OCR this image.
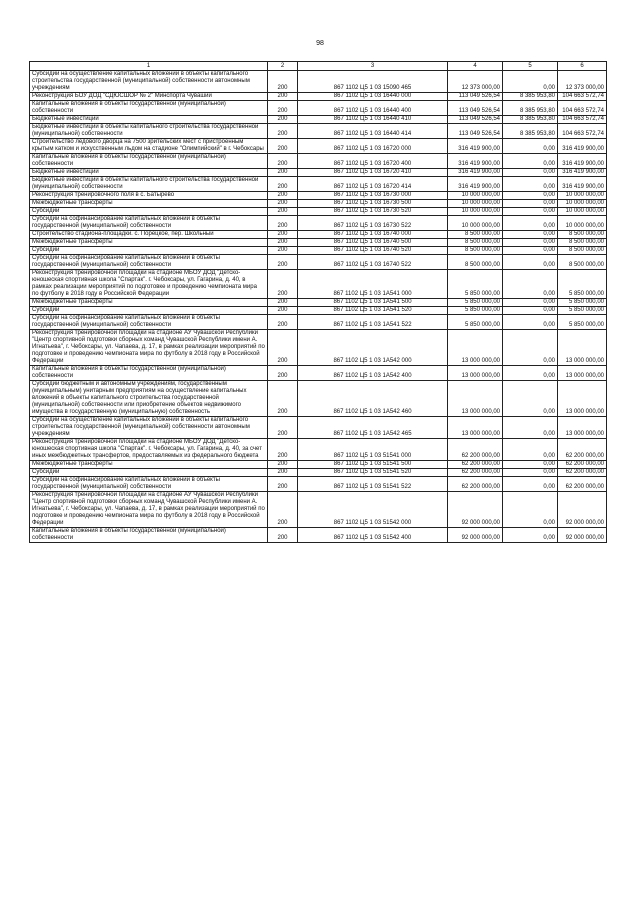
98
1	2	3	4	5	6
Субсидии на осуществление капитальных вложений в объекты капитального строительства государственной (муниципальной) собственности автономным учреждениям	200	867 1102 Ц5 1 03 15090 465	12 373 000,00	0,00	12 373 000,00
Реконструкция БОУ ДОД "СДЮСШОР № 2" Минспорта Чувашии	200	867 1102 Ц5 1 03 16440 000	113 049 526,54	8 385 953,80	104 663 572,74
Капитальные вложения в объекты государственной (муниципальной) собственности	200	867 1102 Ц5 1 03 16440 400	113 049 526,54	8 385 953,80	104 663 572,74
Бюджетные инвестиции	200	867 1102 Ц5 1 03 16440 410	113 049 526,54	8 385 953,80	104 663 572,74
Бюджетные инвестиции в объекты капитального строительства государственной (муниципальной) собственности	200	867 1102 Ц5 1 03 16440 414	113 049 526,54	8 385 953,80	104 663 572,74
Строительство ледового дворца на 7500 зрительских мест с пристроенным крытым катком и искусственным льдом на стадионе "Олимпийский" в г. Чебоксары	200	867 1102 Ц5 1 03 16720 000	316 419 900,00	0,00	316 419 900,00
Капитальные вложения в объекты государственной (муниципальной) собственности	200	867 1102 Ц5 1 03 16720 400	316 419 900,00	0,00	316 419 900,00
Бюджетные инвестиции	200	867 1102 Ц5 1 03 16720 410	316 419 900,00	0,00	316 419 900,00
Бюджетные инвестиции в объекты капитального строительства государственной (муниципальной) собственности	200	867 1102 Ц5 1 03 16720 414	316 419 900,00	0,00	316 419 900,00
Реконструкция тренировочного поля в с. Батырево	200	867 1102 Ц5 1 03 16730 000	10 000 000,00	0,00	10 000 000,00
Межбюджетные трансферты	200	867 1102 Ц5 1 03 16730 500	10 000 000,00	0,00	10 000 000,00
Субсидии	200	867 1102 Ц5 1 03 16730 520	10 000 000,00	0,00	10 000 000,00
Субсидии на софинансирование капитальных вложений в объекты государственной (муниципальной) собственности	200	867 1102 Ц5 1 03 16730 522	10 000 000,00	0,00	10 000 000,00
Строительство стадиона-площадки. с. Порецкое, пер. Школьный	200	867 1102 Ц5 1 03 16740 000	8 500 000,00	0,00	8 500 000,00
Межбюджетные трансферты	200	867 1102 Ц5 1 03 16740 500	8 500 000,00	0,00	8 500 000,00
Субсидии	200	867 1102 Ц5 1 03 16740 520	8 500 000,00	0,00	8 500 000,00
Субсидии на софинансирование капитальных вложений в объекты государственной (муниципальной) собственности	200	867 1102 Ц5 1 03 16740 522	8 500 000,00	0,00	8 500 000,00
Реконструкция тренировочной площадки на стадионе МБОУ ДОД "Детско-юношеская спортивная школа "Спартак". г. Чебоксары, ул. Гагарина, д. 40, в рамках реализации мероприятий по подготовке и проведению чемпионата мира по футболу в 2018 году в Российской Федерации	200	867 1102 Ц5 1 03 1А541 000	5 850 000,00	0,00	5 850 000,00
Межбюджетные трансферты	200	867 1102 Ц5 1 03 1А541 500	5 850 000,00	0,00	5 850 000,00
Субсидии	200	867 1102 Ц5 1 03 1А541 520	5 850 000,00	0,00	5 850 000,00
Субсидии на софинансирование капитальных вложений в объекты государственной (муниципальной) собственности	200	867 1102 Ц5 1 03 1А541 522	5 850 000,00	0,00	5 850 000,00
Реконструкция тренировочной площадки на стадионе АУ Чувашской Республики "Центр спортивной подготовки сборных команд Чувашской Республики имени А. Игнатьева", г. Чебоксары, ул. Чапаева, д. 17, в рамках реализации мероприятий по подготовке и проведению чемпионата мира по футболу в 2018 году в Российской Федерации	200	867 1102 Ц5 1 03 1А542 000	13 000 000,00	0,00	13 000 000,00
Капитальные вложения в объекты государственной (муниципальной) собственности	200	867 1102 Ц5 1 03 1А542 400	13 000 000,00	0,00	13 000 000,00
Субсидии бюджетным и автономным учреждениям, государственным (муниципальным) унитарным предприятиям на осуществление капитальных вложений в объекты капитального строительства государственной (муниципальной) собственности или приобретение объектов недвижимого имущества в государственную (муниципальную) собственность	200	867 1102 Ц5 1 03 1А542 460	13 000 000,00	0,00	13 000 000,00
Субсидии на осуществление капитальных вложений в объекты капитального строительства государственной (муниципальной) собственности автономным учреждениям	200	867 1102 Ц5 1 03 1А542 465	13 000 000,00	0,00	13 000 000,00
Реконструкция тренировочной площадки на стадионе МБОУ ДОД "Детско-юношеская спортивная школа "Спартак". г. Чебоксары, ул. Гагарина, д. 40, за счет иных межбюджетных трансфертов, предоставляемых из федерального бюджета	200	867 1102 Ц5 1 03 51541 000	62 200 000,00	0,00	62 200 000,00
Межбюджетные трансферты	200	867 1102 Ц5 1 03 51541 500	62 200 000,00	0,00	62 200 000,00
Субсидии	200	867 1102 Ц5 1 03 51541 520	62 200 000,00	0,00	62 200 000,00
Субсидии на софинансирование капитальных вложений в объекты государственной (муниципальной) собственности	200	867 1102 Ц5 1 03 51541 522	62 200 000,00	0,00	62 200 000,00
Реконструкция тренировочной площадки на стадионе АУ Чувашской Республики "Центр спортивной подготовки сборных команд Чувашской Республики имени А. Игнатьева", г. Чебоксары, ул. Чапаева, д. 17, в рамках реализации мероприятий по подготовке и проведению чемпионата мира по футболу в 2018 году в Российской Федерации	200	867 1102 Ц5 1 03 51542 000	92 000 000,00	0,00	92 000 000,00
Капитальные вложения в объекты государственной (муниципальной) собственности	200	867 1102 Ц5 1 03 51542 400	92 000 000,00	0,00	92 000 000,00
